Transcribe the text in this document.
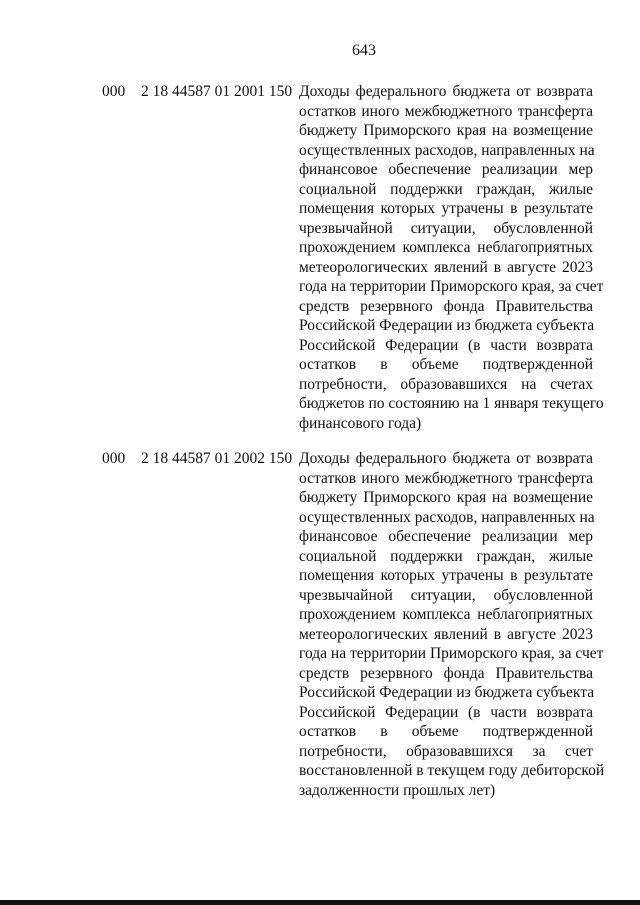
643
000 2 18 44587 01 2001 150 Доходы федерального бюджета от возврата
остатков иного межбюджетного трансферта
бюджету Приморского края на возмещение
осуществленных расходов, направленных на
финансовое обеспечение реализации мер
социальной поддержки граждан, жилые
помещения которых утрачены в результате
чрезвычайной ситуации, обусловленной
прохождением комплекса неблагоприятных
метеорологических явлений в августе 2023
года на территории Приморского края, за счет
средств резервного фонда Правительства
Российской Федерации из бюджета субъекта
Российской Федерации (в части возврата
остатков в объеме подтвержденной
потребности, образовавшихся на счетах
бюджетов по состоянию на 1 января текущего
финансового года)
000 2 18 44587 01 2002 150 Доходы федерального бюджета от возврата
остатков иного межбюджетного трансферта
бюджету Приморского края на возмещение
осуществленных расходов, направленных на
финансовое обеспечение реализации мер
социальной поддержки граждан, жилые
помещения которых утрачены в результате
чрезвычайной ситуации, обусловленной
прохождением комплекса неблагоприятных
метеорологических явлений в августе 2023
года на территории Приморского края, за счет
средств резервного фонда Правительства
Российской Федерации из бюджета субъекта
Российской Федерации (в части возврата
остатков в объеме подтвержденной
потребности, образовавшихся за счет
восстановленной в текущем году дебиторской
задолженности прошлых лет)
